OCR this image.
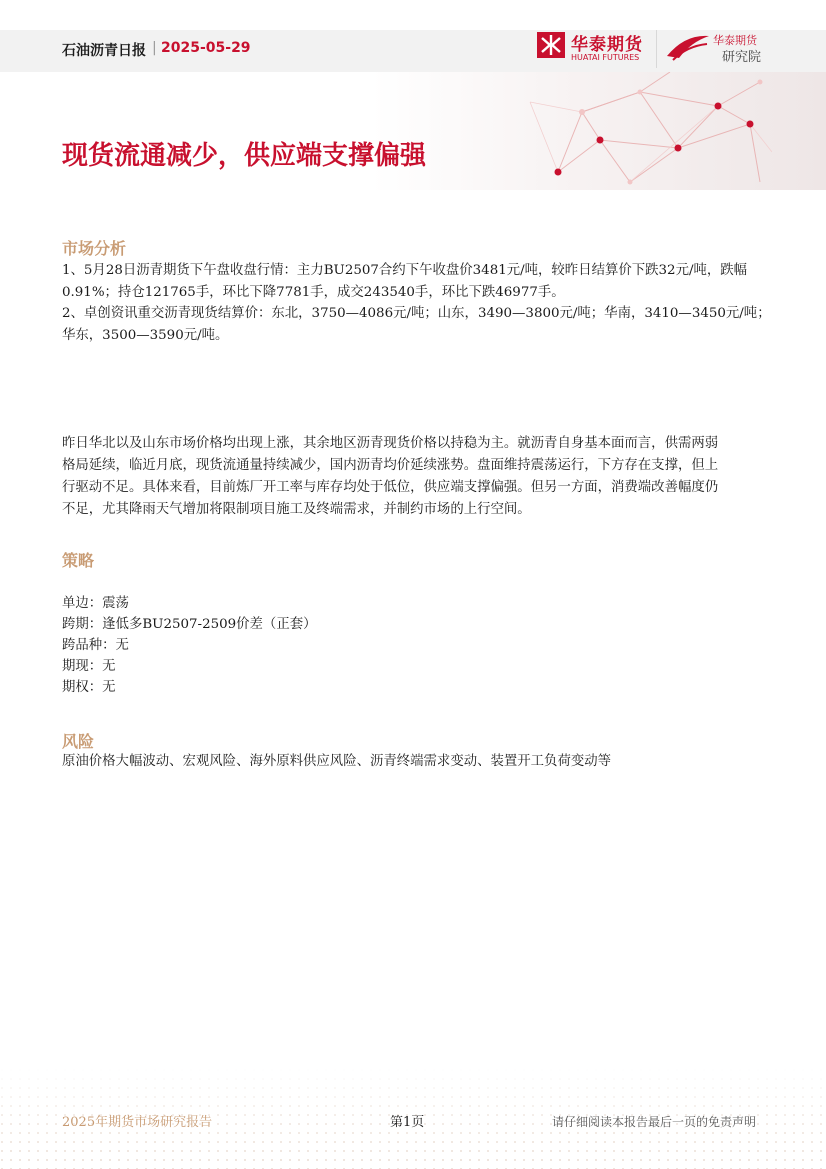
石油沥青日报 | 2025-05-29	华泰期货
HUATAI FUTURES
华泰期货
研究院
现货流通减少，供应端支撑偏强
市场分析
1、5月28日沥青期货下午盘收盘行情：主力BU2507合约下午收盘价3481元/吨，较昨日结算价下跌32元/吨，跌幅
0.91%；持仓121765手，环比下降7781手，成交243540手，环比下跌46977手。
2、卓创资讯重交沥青现货结算价：东北，3750—4086元/吨；山东，3490—3800元/吨；华南，3410—3450元/吨；
华东，3500—3590元/吨。
昨日华北以及山东市场价格均出现上涨，其余地区沥青现货价格以持稳为主。就沥青自身基本面而言，供需两弱
格局延续，临近月底，现货流通量持续减少，国内沥青均价延续涨势。盘面维持震荡运行，下方存在支撑，但上
行驱动不足。具体来看，目前炼厂开工率与库存均处于低位，供应端支撑偏强。但另一方面，消费端改善幅度仍
不足，尤其降雨天气增加将限制项目施工及终端需求，并制约市场的上行空间。
策略
单边：震荡
跨期：逢低多BU2507-2509价差（正套）
跨品种：无
期现：无
期权：无
风险
原油价格大幅波动、宏观风险、海外原料供应风险、沥青终端需求变动、装置开工负荷变动等
2025年期货市场研究报告	第1页	请仔细阅读本报告最后一页的免责声明
